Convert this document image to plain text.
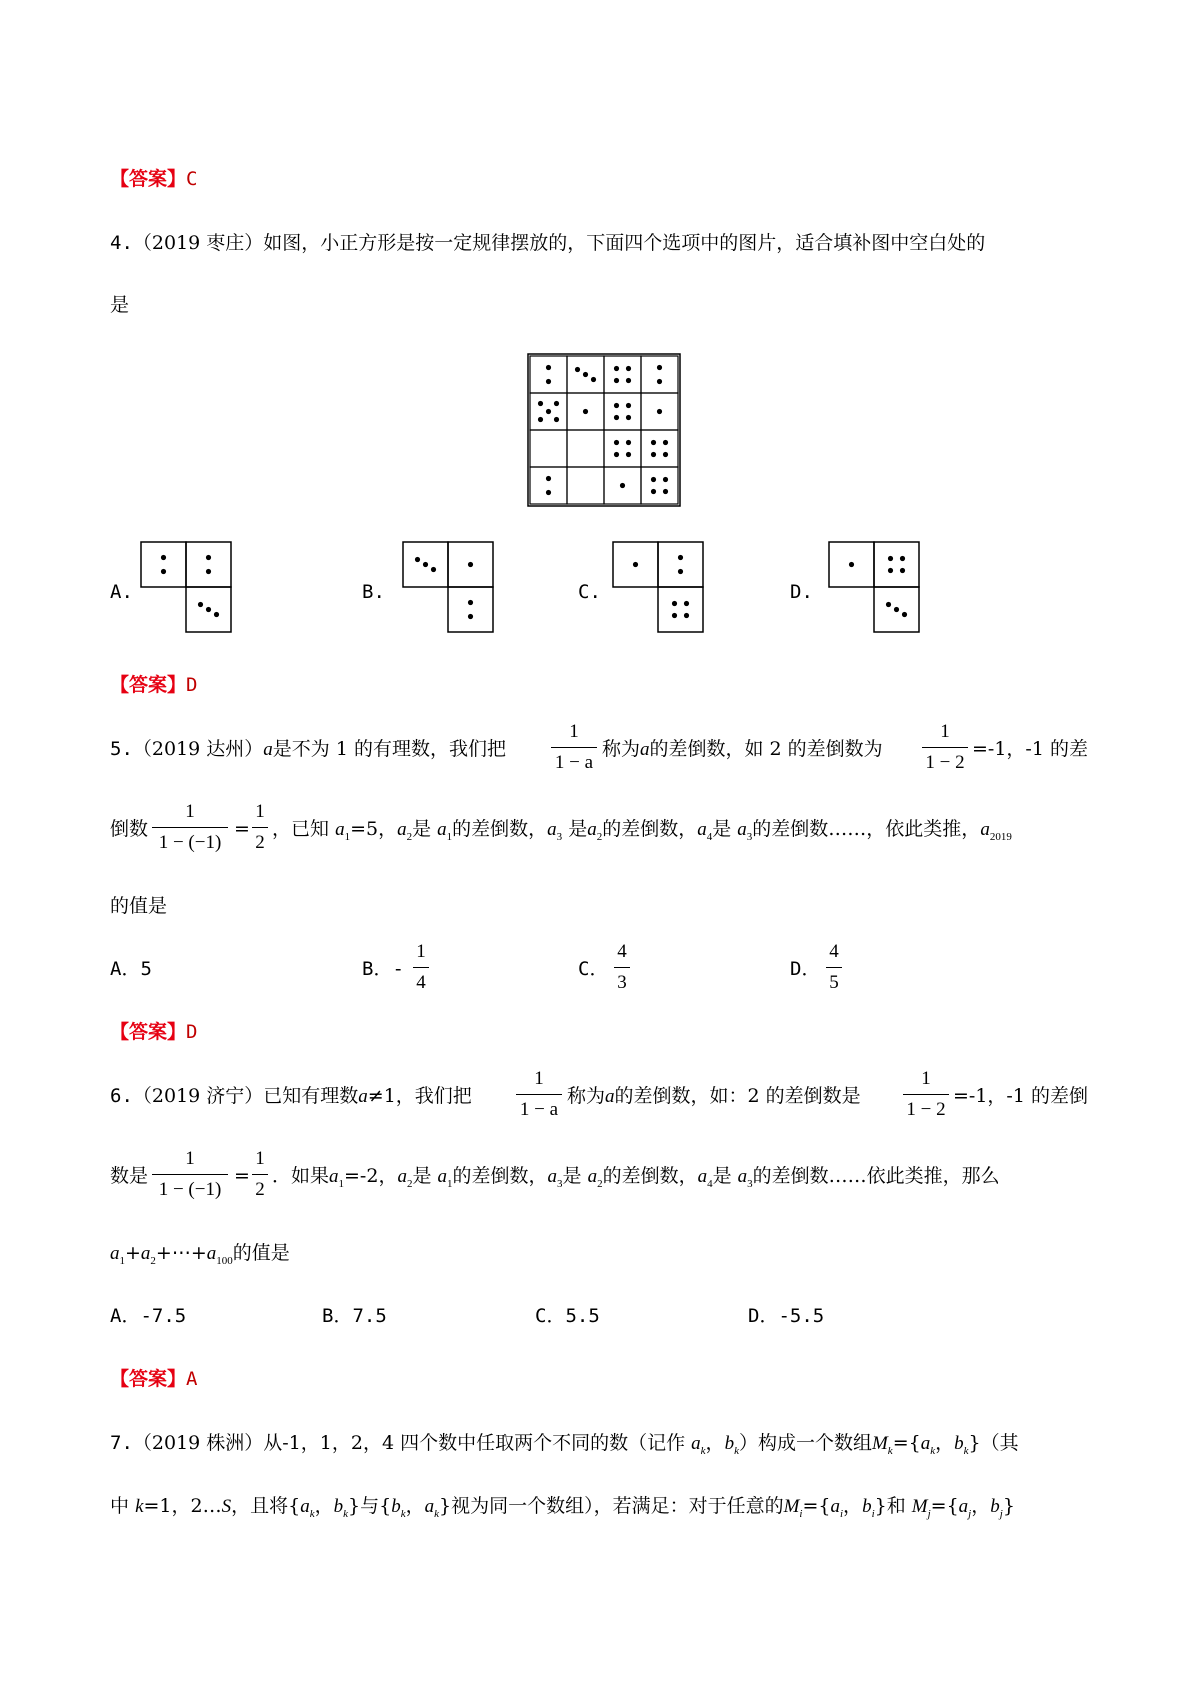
【答案】C
4.（2019 枣庄）如图，小正方形是按一定规律摆放的，下面四个选项中的图片，适合填补图中空白处的
是
A.	B.	C.	D.
【答案】D
5.（2019 达州）a是不为 1 的有理数，我们把
1
1 − a
称为a的差倒数，如 2 的差倒数为
1
1 − 2
=-1，-1 的差
倒数
1
1 − (−1)
=
1
2
，已知 $a_1=5$，$a_2$是 $a_1$的差倒数，$a_3$ 是$a_2$的差倒数，$a_4$是 $a_3$的差倒数……，依此类推，$a_{2019}$
的值是
A．5	B．-
1
4
C．
4
3
D．
4
5
【答案】D
6.（2019 济宁）已知有理数a≠1，我们把
1
1 − a
称为a的差倒数，如：2 的差倒数是
1
1 − 2
=-1，-1 的差倒
数是
1
1 − (−1)
=
1
2
．如果$a_1=-2$，$a_2$是 $a_1$的差倒数，$a_3$是 $a_2$的差倒数，$a_4$是 $a_3$的差倒数……依此类推，那么
$a_1+a_2+\cdots+a_{100}$的值是
A．-7.5	B．7.5	C．5.5	D．-5.5
【答案】A
7.（2019 株洲）从-1，1，2，4 四个数中任取两个不同的数（记作 $a_k$，$b_k$）构成一个数组$M_k=\{a_k$，$b_k$}（其
中 k=1，2…S，且将{$a_k$，$b_k$}与{$b_k$，$a_k$}视为同一个数组），若满足：对于任意的$M_i=\{a_i$，$b_i$}和 $M_j=\{a_j$，$b_j$}
